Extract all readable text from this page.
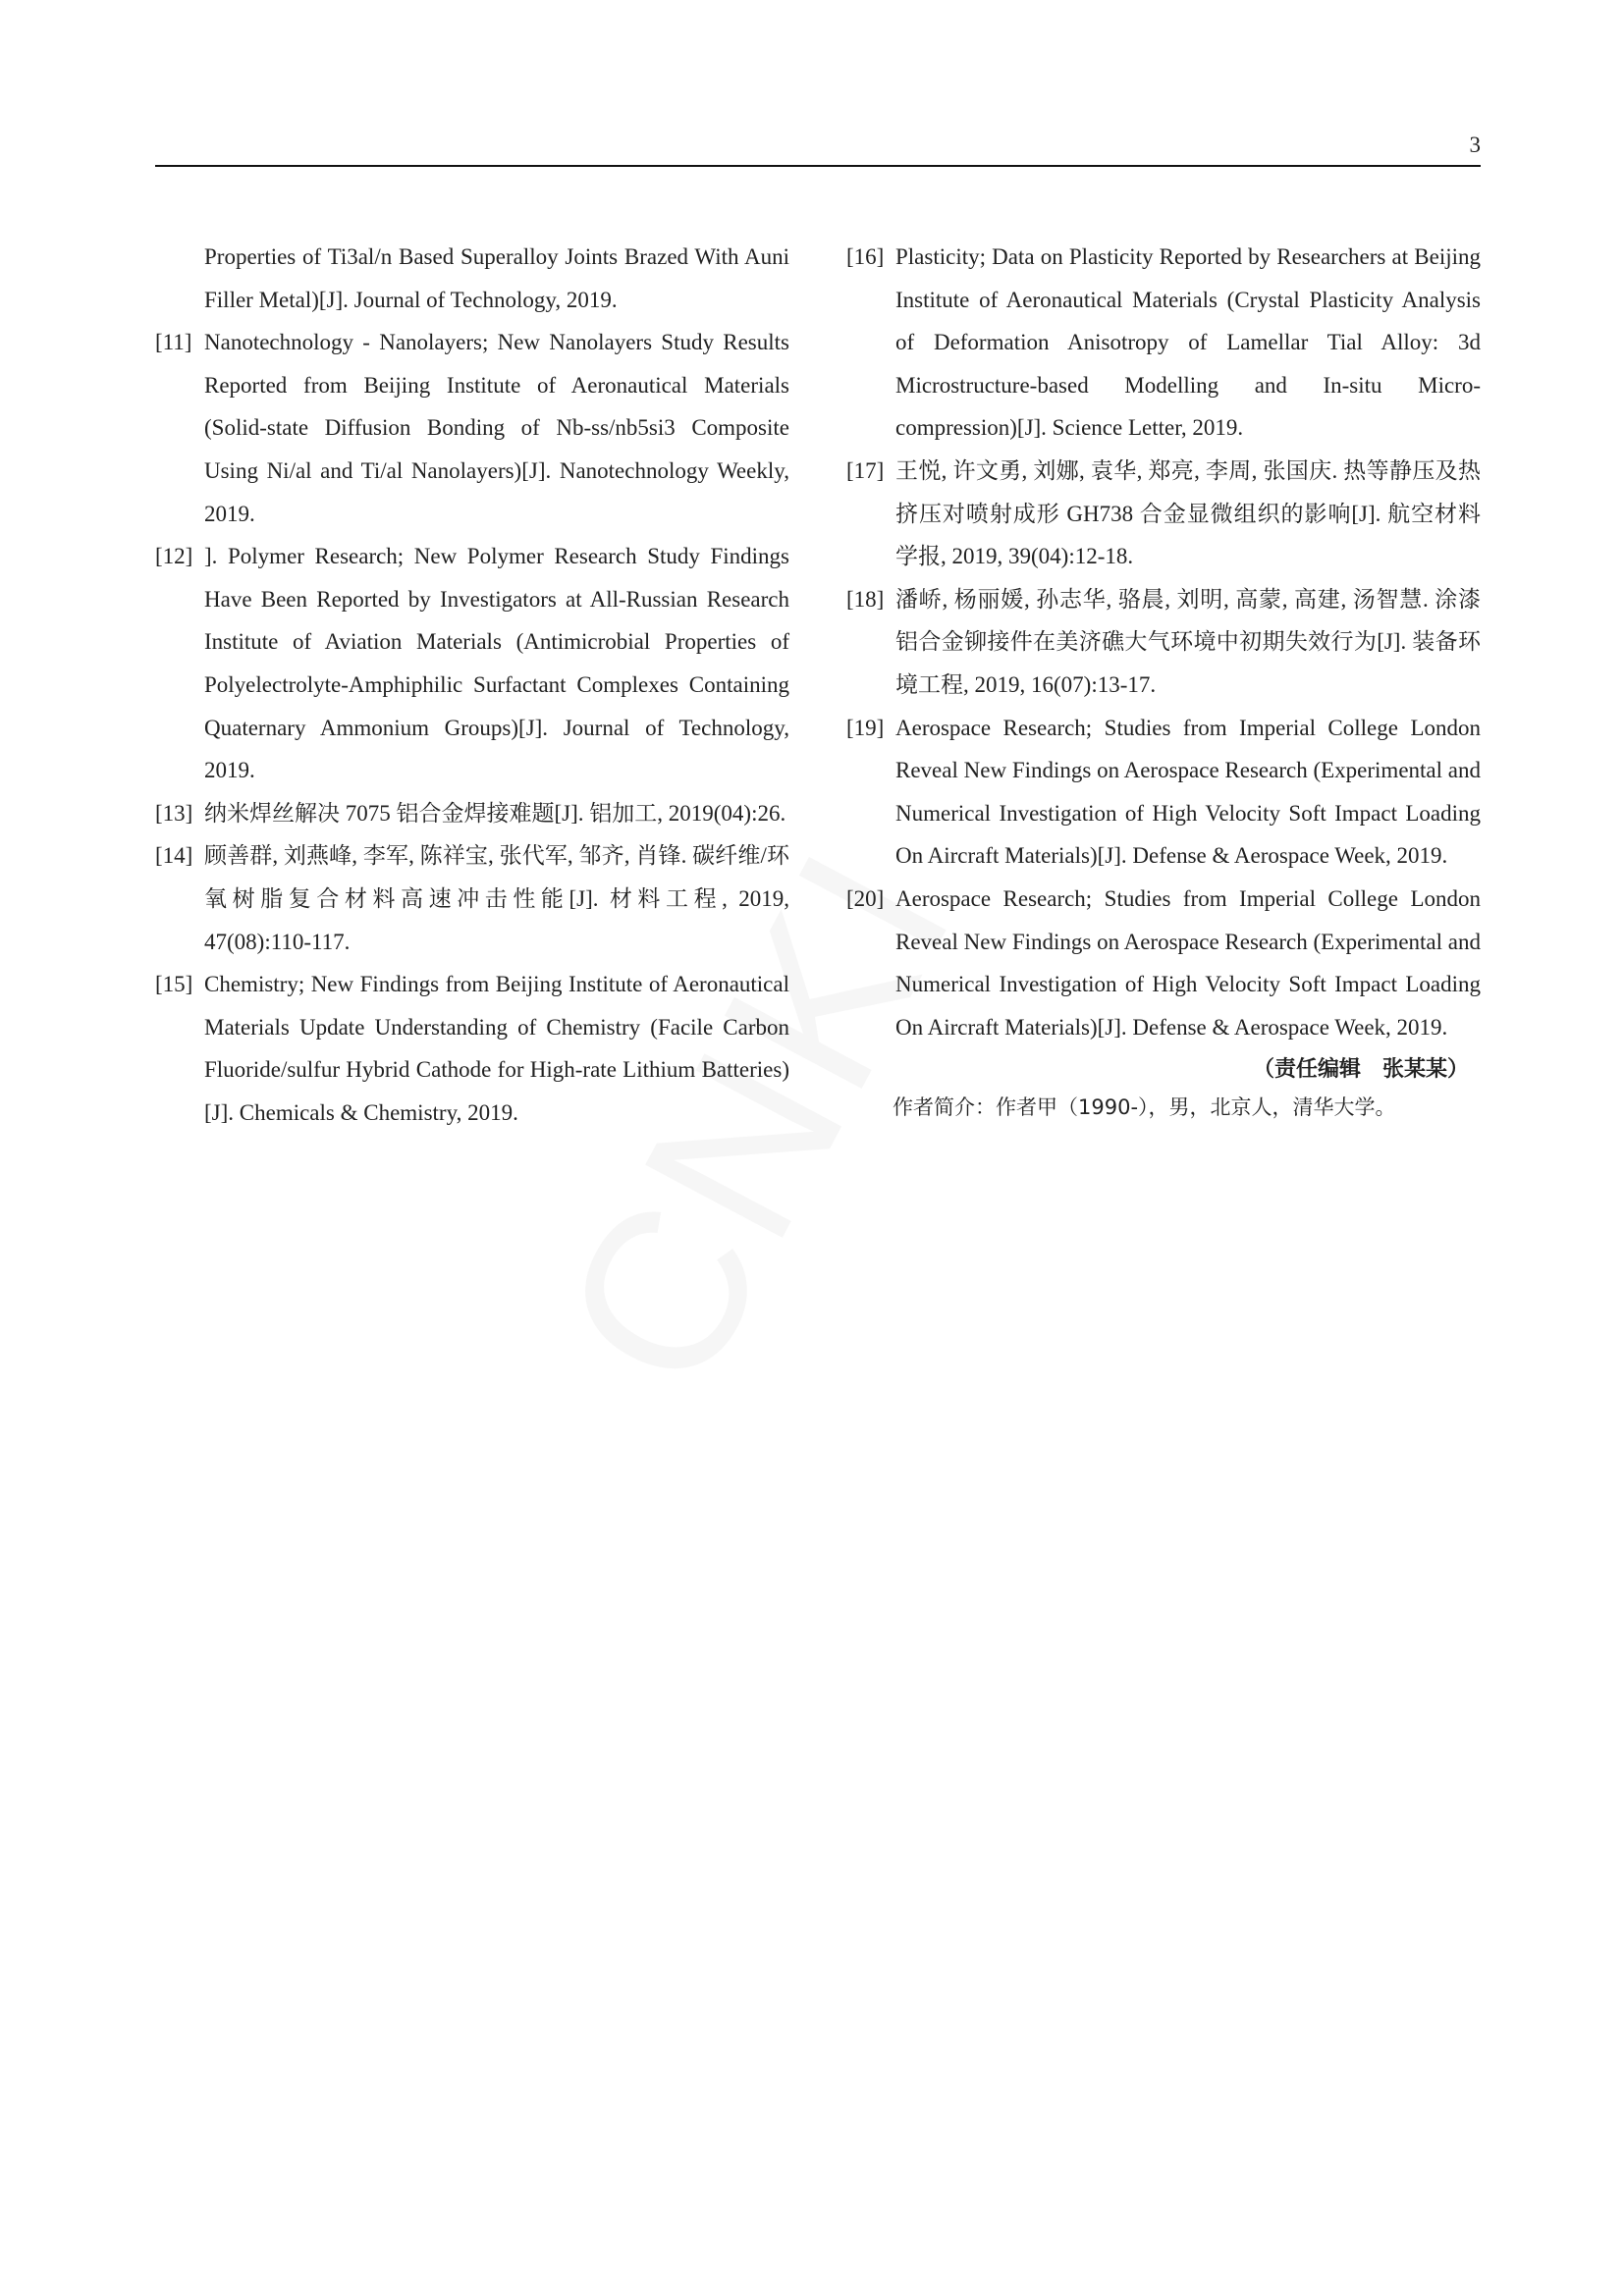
3
Properties of Ti3al/n Based Superalloy Joints Brazed With Auni Filler Metal)[J]. Journal of Technology, 2019.
[11] Nanotechnology - Nanolayers; New Nanolayers Study Results Reported from Beijing Institute of Aeronautical Materials (Solid-state Diffusion Bonding of Nb-ss/nb5si3 Composite Using Ni/al and Ti/al Nanolayers)[J]. Nanotechnology Weekly, 2019.
[12] ]. Polymer Research; New Polymer Research Study Findings Have Been Reported by Investigators at All-Russian Research Institute of Aviation Materials (Antimicrobial Properties of Polyelectrolyte-Amphiphilic Surfactant Complexes Containing Quaternary Ammonium Groups)[J]. Journal of Technology, 2019.
[13] 纳米焊丝解决 7075 铝合金焊接难题[J]. 铝加工, 2019(04):26.
[14] 顾善群, 刘燕峰, 李军, 陈祥宝, 张代军, 邹齐, 肖锋. 碳纤维/环氧树脂复合材料高速冲击性能[J]. 材料工程, 2019, 47(08):110-117.
[15] Chemistry; New Findings from Beijing Institute of Aeronautical Materials Update Understanding of Chemistry (Facile Carbon Fluoride/sulfur Hybrid Cathode for High-rate Lithium Batteries)[J]. Chemicals & Chemistry, 2019.
[16] Plasticity; Data on Plasticity Reported by Researchers at Beijing Institute of Aeronautical Materials (Crystal Plasticity Analysis of Deformation Anisotropy of Lamellar Tial Alloy: 3d Microstructure-based Modelling and In-situ Micro-compression)[J]. Science Letter, 2019.
[17] 王悦, 许文勇, 刘娜, 袁华, 郑亮, 李周, 张国庆. 热等静压及热挤压对喷射成形 GH738 合金显微组织的影响[J]. 航空材料学报, 2019, 39(04):12-18.
[18] 潘峤, 杨丽媛, 孙志华, 骆晨, 刘明, 高蒙, 高建, 汤智慧. 涂漆铝合金铆接件在美济礁大气环境中初期失效行为[J]. 装备环境工程, 2019, 16(07):13-17.
[19] Aerospace Research; Studies from Imperial College London Reveal New Findings on Aerospace Research (Experimental and Numerical Investigation of High Velocity Soft Impact Loading On Aircraft Materials)[J]. Defense & Aerospace Week, 2019.
[20] Aerospace Research; Studies from Imperial College London Reveal New Findings on Aerospace Research (Experimental and Numerical Investigation of High Velocity Soft Impact Loading On Aircraft Materials)[J]. Defense & Aerospace Week, 2019.
（责任编辑　张某某）
作者简介：作者甲（1990-），男，北京人，清华大学。
